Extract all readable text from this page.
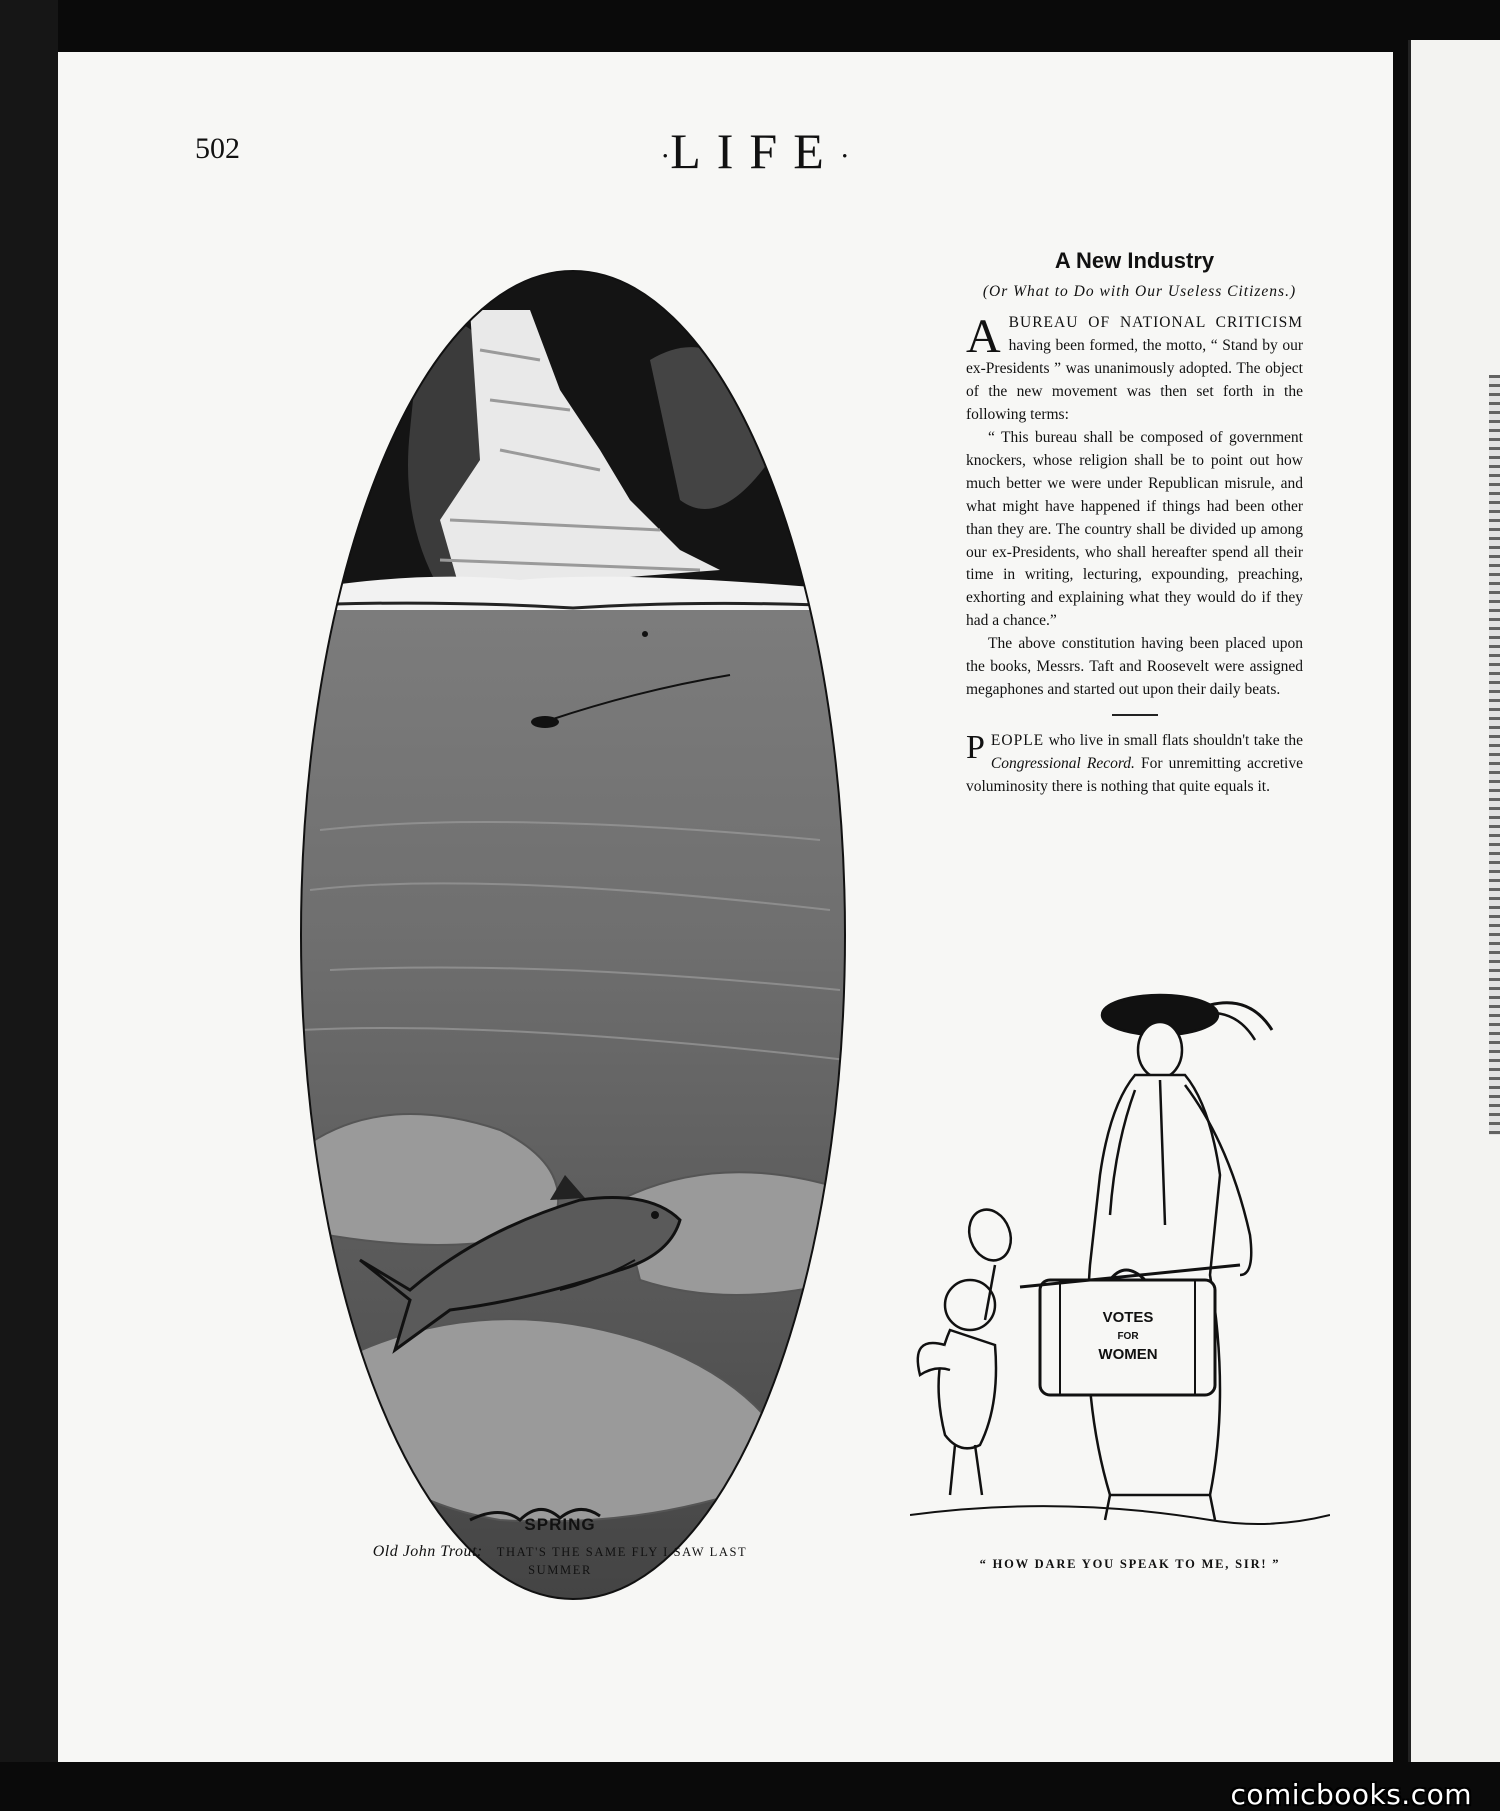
502	·LIFE·
SPRING
Old John Trout: THAT'S THE SAME FLY I SAW LAST
SUMMER
A New Industry
(Or What to Do with Our Useless Citizens.)

ABUREAU OF NATIONAL CRITICISM having been formed, the motto, “ Stand by our ex-Presidents ” was unanimously adopted. The object of the new movement was then set forth in the following terms:

“ This bureau shall be composed of government knockers, whose religion shall be to point out how much better we were under Republican misrule, and what might have happened if things had been other than they are. The country shall be divided up among our ex-Presidents, who shall hereafter spend all their time in writing, lecturing, expounding, preaching, exhorting and explaining what they would do if they had a chance.”

The above constitution having been placed upon the books, Messrs. Taft and Roosevelt were assigned megaphones and started out upon their daily beats.

PEOPLE who live in small flats shouldn't take the Congressional Record. For unremitting accretive voluminosity there is nothing that quite equals it.

VOTES
FOR
WOMEN
“ HOW DARE YOU SPEAK TO ME, SIR! ”
comicbooks.com
